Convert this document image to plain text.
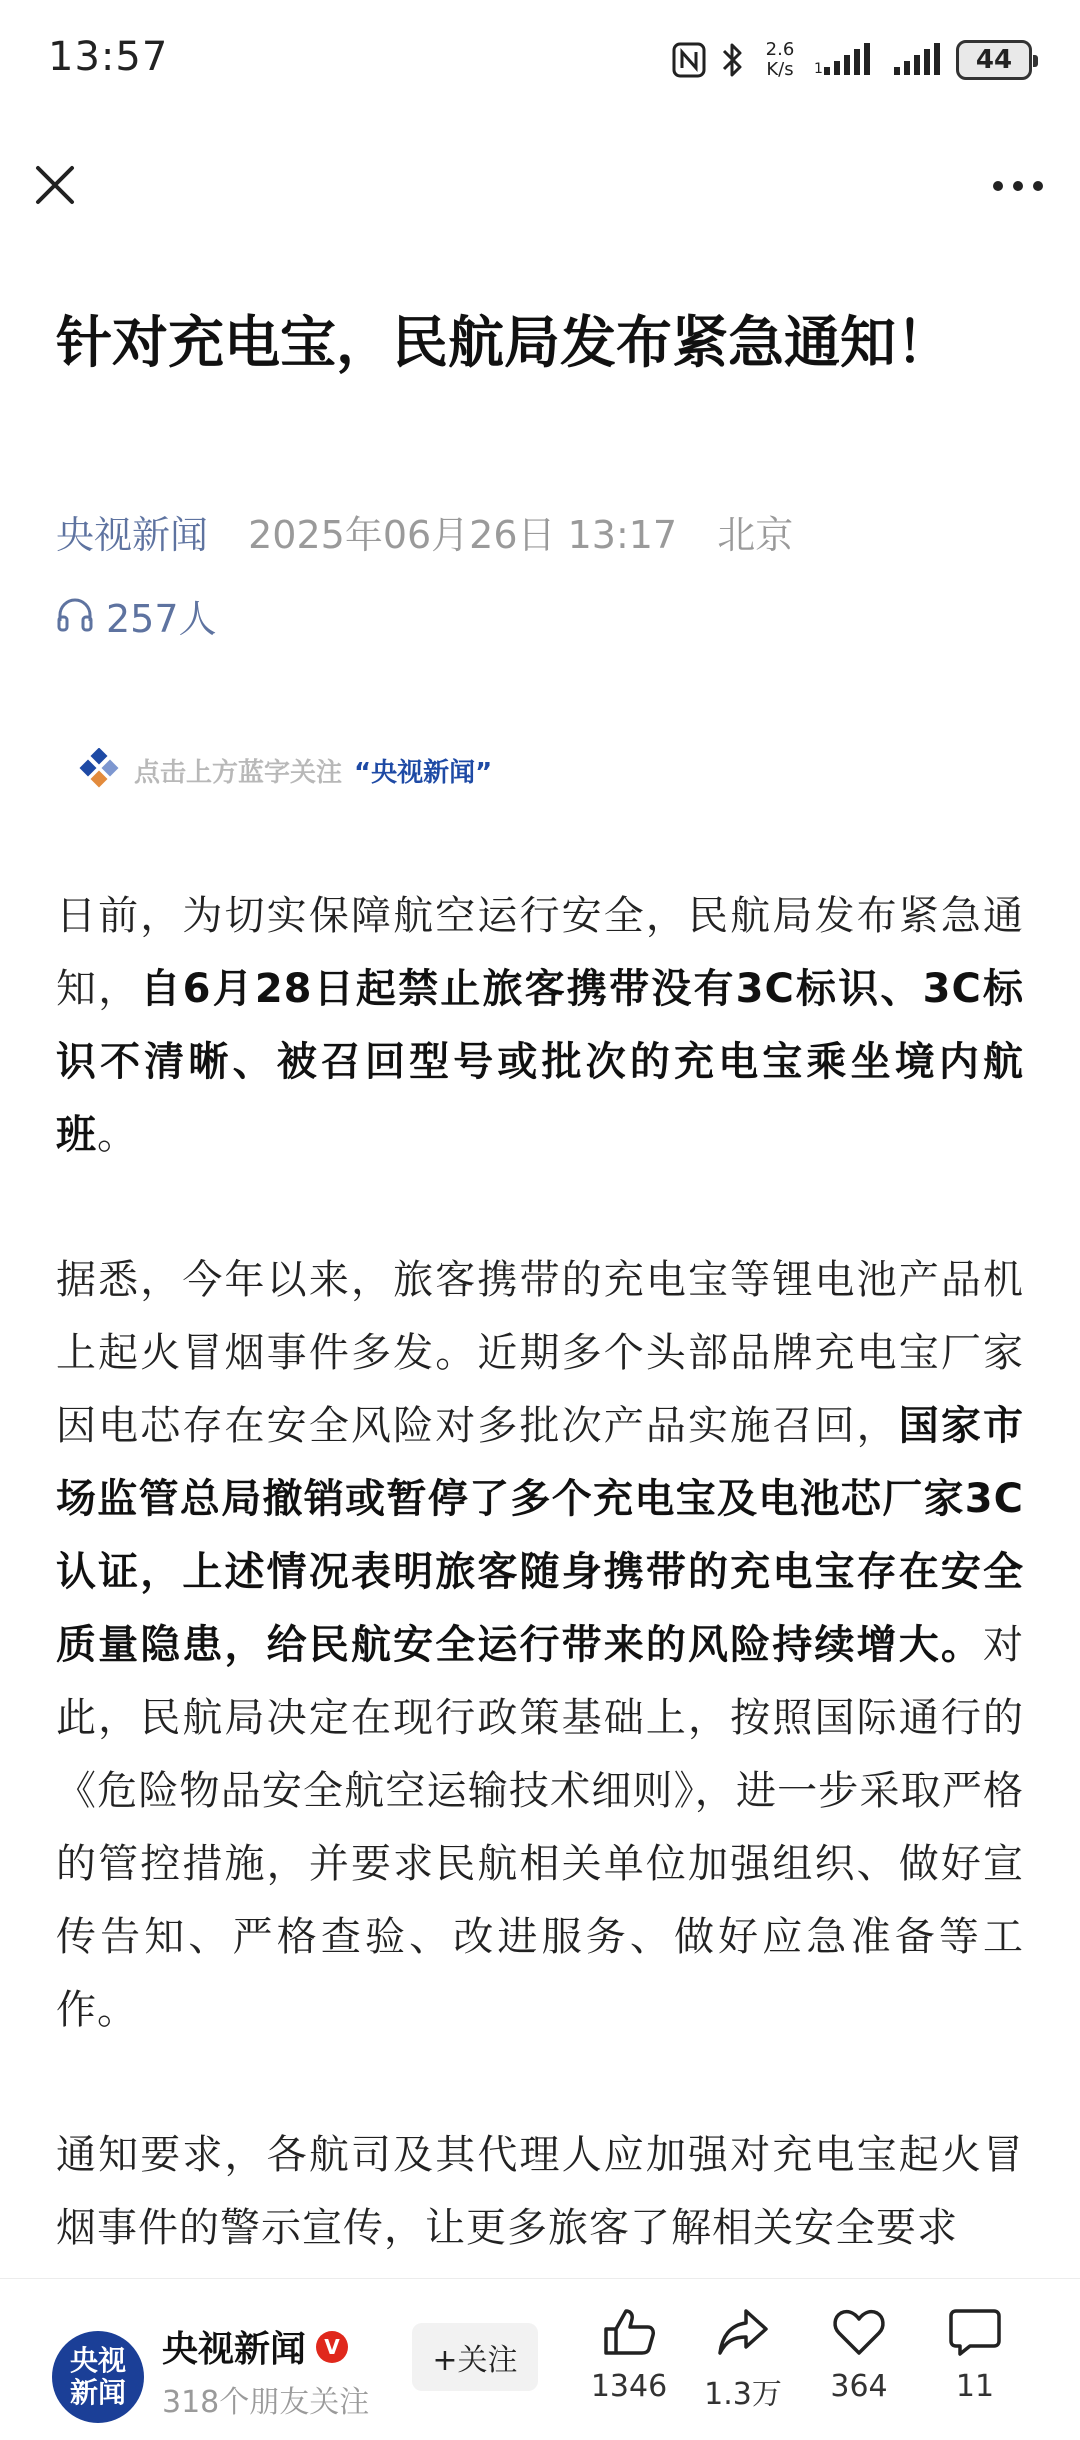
13:57	2.6
K/s	1	44
针对充电宝，民航局发布紧急通知！
央视新闻 2025年06月26日 13:17 北京
257人
点击上方蓝字关注 “央视新闻”

日前，为切实保障航空运行安全，民航局发布紧急通知，自6月28日起禁止旅客携带没有3C标识、3C标识不清晰、被召回型号或批次的充电宝乘坐境内航班。

据悉，今年以来，旅客携带的充电宝等锂电池产品机上起火冒烟事件多发。近期多个头部品牌充电宝厂家因电芯存在安全风险对多批次产品实施召回，国家市场监管总局撤销或暂停了多个充电宝及电池芯厂家3C认证，上述情况表明旅客随身携带的充电宝存在安全质量隐患，给民航安全运行带来的风险持续增大。对此，民航局决定在现行政策基础上，按照国际通行的《危险物品安全航空运输技术细则》，进一步采取严格的管控措施，并要求民航相关单位加强组织、做好宣传告知、严格查验、改进服务、做好应急准备等工作。

通知要求，各航司及其代理人应加强对充电宝起火冒烟事件的警示宣传，让更多旅客了解相关安全要求

央视新闻
央视新闻 V
318个朋友关注
+关注
1346 1.3万 364 11
